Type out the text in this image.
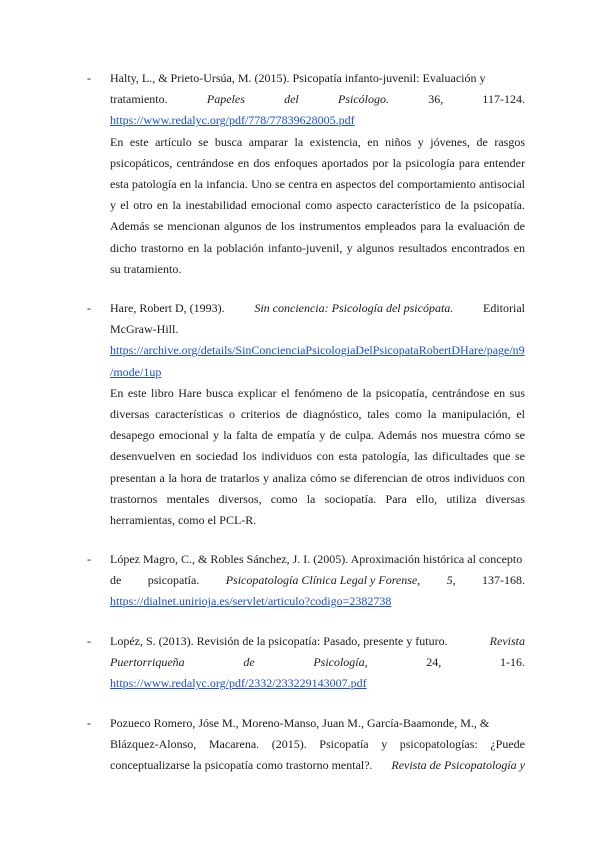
- Halty, L., & Prieto-Ursúa, M. (2015). Psicopatía infanto-juvenil: Evaluación y
tratamiento.	Papeles	del	Psicólogo.	36,	117-124.
https://www.redalyc.org/pdf/778/77839628005.pdf
En este artículo se busca amparar la existencia, en niños y jóvenes, de rasgos psicopáticos, centrándose en dos enfoques aportados por la psicología para entender esta patología en la infancia. Uno se centra en aspectos del comportamiento antisocial y el otro en la inestabilidad emocional como aspecto característico de la psicopatía. Además se mencionan algunos de los instrumentos empleados para la evaluación de dicho trastorno en la población infanto-juvenil, y algunos resultados encontrados en su tratamiento.
- Hare, Robert D, (1993). Sin conciencia: Psicología del psicópata. Editorial
McGraw-Hill.
https://archive.org/details/SinConcienciaPsicologiaDelPsicopataRobertDHare/page/n9
/mode/1up
En este libro Hare busca explicar el fenómeno de la psicopatía, centrándose en sus diversas características o criterios de diagnóstico, tales como la manipulación, el desapego emocional y la falta de empatía y de culpa. Además nos muestra cómo se desenvuelven en sociedad los individuos con esta patología, las dificultades que se presentan a la hora de tratarlos y analiza cómo se diferencian de otros individuos con trastornos mentales diversos, como la sociopatía. Para ello, utiliza diversas herramientas, como el PCL-R.
- López Magro, C., & Robles Sánchez, J. I. (2005). Aproximación histórica al concepto
de psicopatía. Psicopatología Clínica Legal y Forense, 5, 137-168.
https://dialnet.unirioja.es/servlet/articulo?codigo=2382738
- Lopéz, S. (2013). Revisión de la psicopatía: Pasado, presente y futuro.	Revista
Puertorriqueña	de	Psicología,	24,	1-16.
https://www.redalyc.org/pdf/2332/233229143007.pdf
- Pozueco Romero, Jóse M., Moreno-Manso, Juan M., García-Baamonde, M., &
Blázquez-Alonso, Macarena. (2015). Psicopatía y psicopatologías: ¿Puede
conceptualizarse la psicopatía como trastorno mental?. Revista de Psicopatología y
